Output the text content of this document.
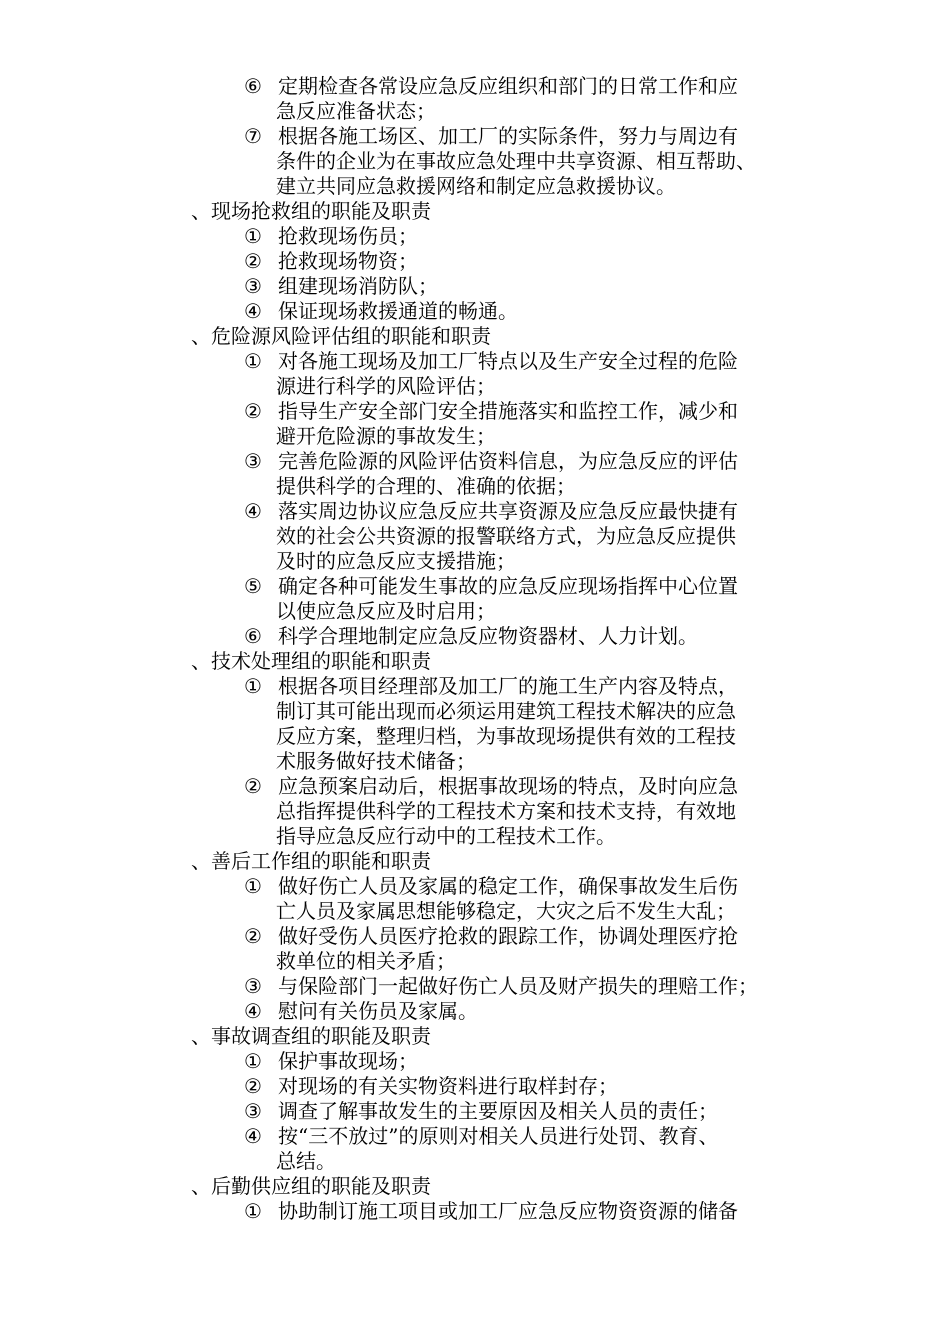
⑥ 定期检查各常设应急反应组织和部门的日常工作和应
急反应准备状态；
⑦ 根据各施工场区、加工厂的实际条件，努力与周边有
条件的企业为在事故应急处理中共享资源、相互帮助、
建立共同应急救援网络和制定应急救援协议。
、现场抢救组的职能及职责
① 抢救现场伤员；
② 抢救现场物资；
③ 组建现场消防队；
④ 保证现场救援通道的畅通。
、危险源风险评估组的职能和职责
① 对各施工现场及加工厂特点以及生产安全过程的危险
源进行科学的风险评估；
② 指导生产安全部门安全措施落实和监控工作，减少和
避开危险源的事故发生；
③ 完善危险源的风险评估资料信息，为应急反应的评估
提供科学的合理的、准确的依据；
④ 落实周边协议应急反应共享资源及应急反应最快捷有
效的社会公共资源的报警联络方式，为应急反应提供
及时的应急反应支援措施；
⑤ 确定各种可能发生事故的应急反应现场指挥中心位置
以使应急反应及时启用；
⑥ 科学合理地制定应急反应物资器材、人力计划。
、技术处理组的职能和职责
① 根据各项目经理部及加工厂的施工生产内容及特点，
制订其可能出现而必须运用建筑工程技术解决的应急
反应方案，整理归档，为事故现场提供有效的工程技
术服务做好技术储备；
② 应急预案启动后，根据事故现场的特点，及时向应急
总指挥提供科学的工程技术方案和技术支持，有效地
指导应急反应行动中的工程技术工作。
、善后工作组的职能和职责
① 做好伤亡人员及家属的稳定工作，确保事故发生后伤
亡人员及家属思想能够稳定，大灾之后不发生大乱；
② 做好受伤人员医疗抢救的跟踪工作，协调处理医疗抢
救单位的相关矛盾；
③ 与保险部门一起做好伤亡人员及财产损失的理赔工作；
④ 慰问有关伤员及家属。
、事故调查组的职能及职责
① 保护事故现场；
② 对现场的有关实物资料进行取样封存；
③ 调查了解事故发生的主要原因及相关人员的责任；
④ 按“三不放过”的原则对相关人员进行处罚、教育、
总结。
、后勤供应组的职能及职责
① 协助制订施工项目或加工厂应急反应物资资源的储备
